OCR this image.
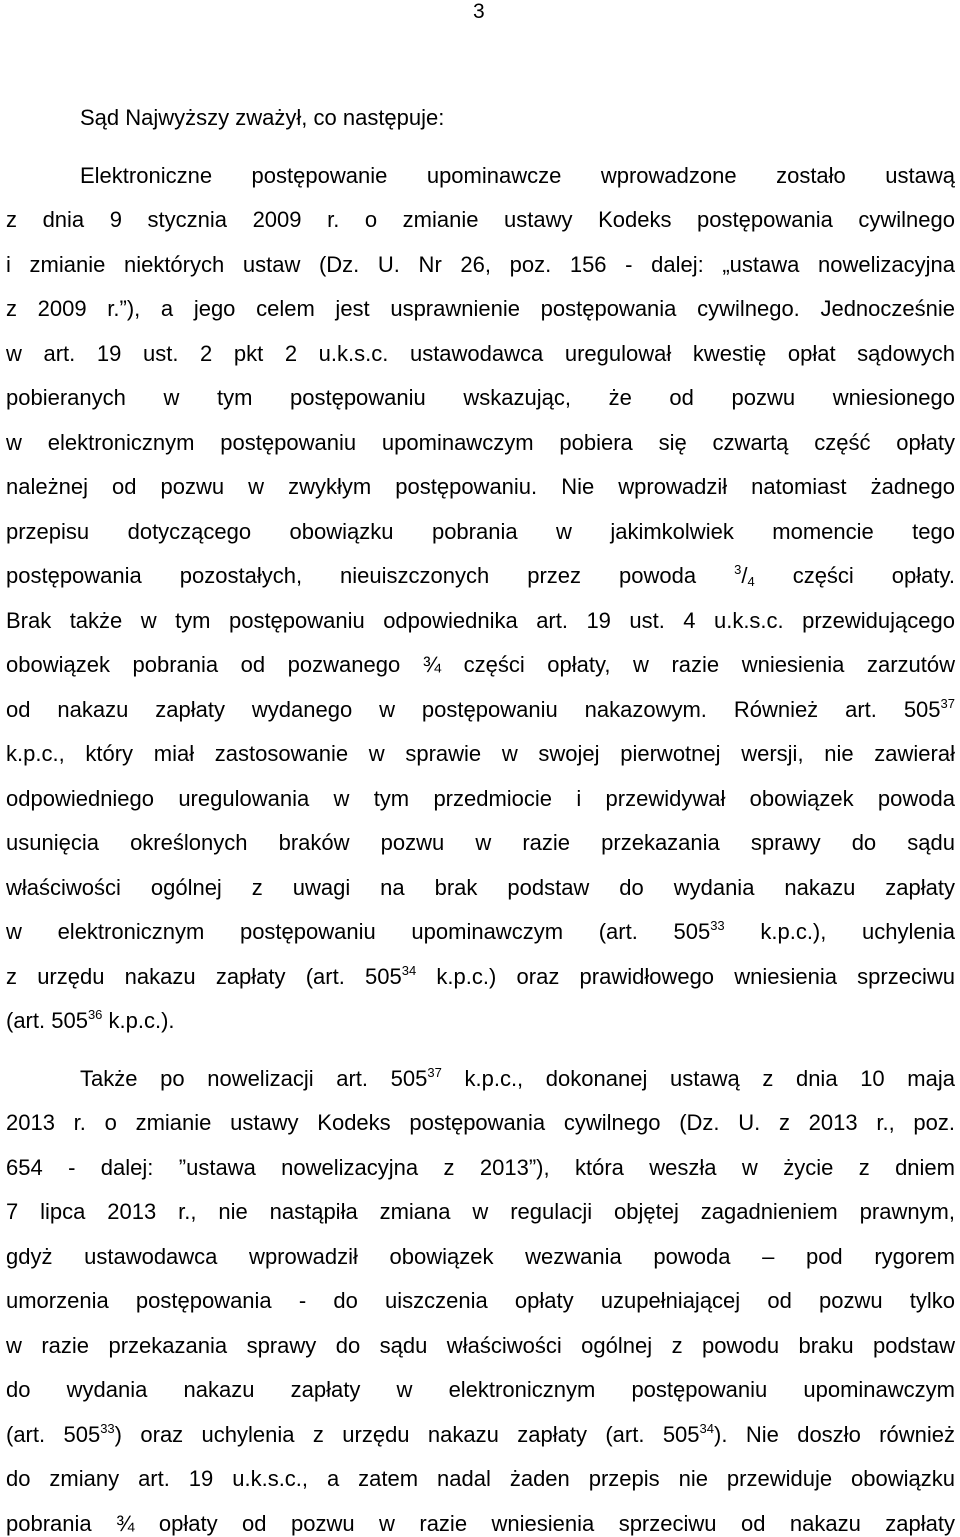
3
Sąd Najwyższy zważył, co następuje:
Elektroniczne postępowanie upominawcze wprowadzone zostało ustawą
z dnia 9 stycznia 2009 r. o zmianie ustawy Kodeks postępowania cywilnego
i zmianie niektórych ustaw (Dz. U. Nr 26, poz. 156 - dalej: „ustawa nowelizacyjna
z 2009 r.”), a jego celem jest usprawnienie postępowania cywilnego. Jednocześnie
w art. 19 ust. 2 pkt 2 u.k.s.c. ustawodawca uregulował kwestię opłat sądowych
pobieranych w tym postępowaniu wskazując, że od pozwu wniesionego
w elektronicznym postępowaniu upominawczym pobiera się czwartą część opłaty
należnej od pozwu w zwykłym postępowaniu. Nie wprowadził natomiast żadnego
przepisu dotyczącego obowiązku pobrania w jakimkolwiek momencie tego
postępowania pozostałych, nieuiszczonych przez powoda	$^3/_4$ części opłaty.
Brak także w tym postępowaniu odpowiednika art. 19 ust. 4 u.k.s.c. przewidującego
obowiązek pobrania od pozwanego ¾ części opłaty, w razie wniesienia zarzutów
od nakazu zapłaty wydanego w postępowaniu nakazowym. Również art. $505^{37}$
k.p.c., który miał zastosowanie w sprawie w swojej pierwotnej wersji, nie zawierał
odpowiedniego uregulowania w tym przedmiocie i przewidywał obowiązek powoda
usunięcia określonych braków pozwu w razie przekazania sprawy do sądu
właściwości ogólnej z uwagi na brak podstaw do wydania nakazu zapłaty
w elektronicznym postępowaniu upominawczym (art. $505^{33}$ k.p.c.), uchylenia
z urzędu nakazu zapłaty (art. $505^{34}$ k.p.c.) oraz prawidłowego wniesienia sprzeciwu
(art. $505^{36}$ k.p.c.).
Także po nowelizacji art. $505^{37}$ k.p.c., dokonanej ustawą z dnia 10 maja
2013 r. o zmianie ustawy Kodeks postępowania cywilnego (Dz. U. z 2013 r., poz.
654 - dalej: ”ustawa nowelizacyjna z 2013”), która weszła w życie z dniem
7 lipca 2013 r., nie nastąpiła zmiana w regulacji objętej zagadnieniem prawnym,
gdyż ustawodawca wprowadził obowiązek wezwania powoda – pod rygorem
umorzenia postępowania - do uiszczenia opłaty uzupełniającej od pozwu tylko
w razie przekazania sprawy do sądu właściwości ogólnej z powodu braku podstaw
do wydania nakazu zapłaty w elektronicznym postępowaniu upominawczym
(art. $505^{33}$) oraz uchylenia z urzędu nakazu zapłaty (art. $505^{34}$). Nie doszło również
do zmiany art. 19 u.k.s.c., a zatem nadal żaden przepis nie przewiduje obowiązku
pobrania ¾ opłaty od pozwu w razie wniesienia sprzeciwu od nakazu zapłaty
